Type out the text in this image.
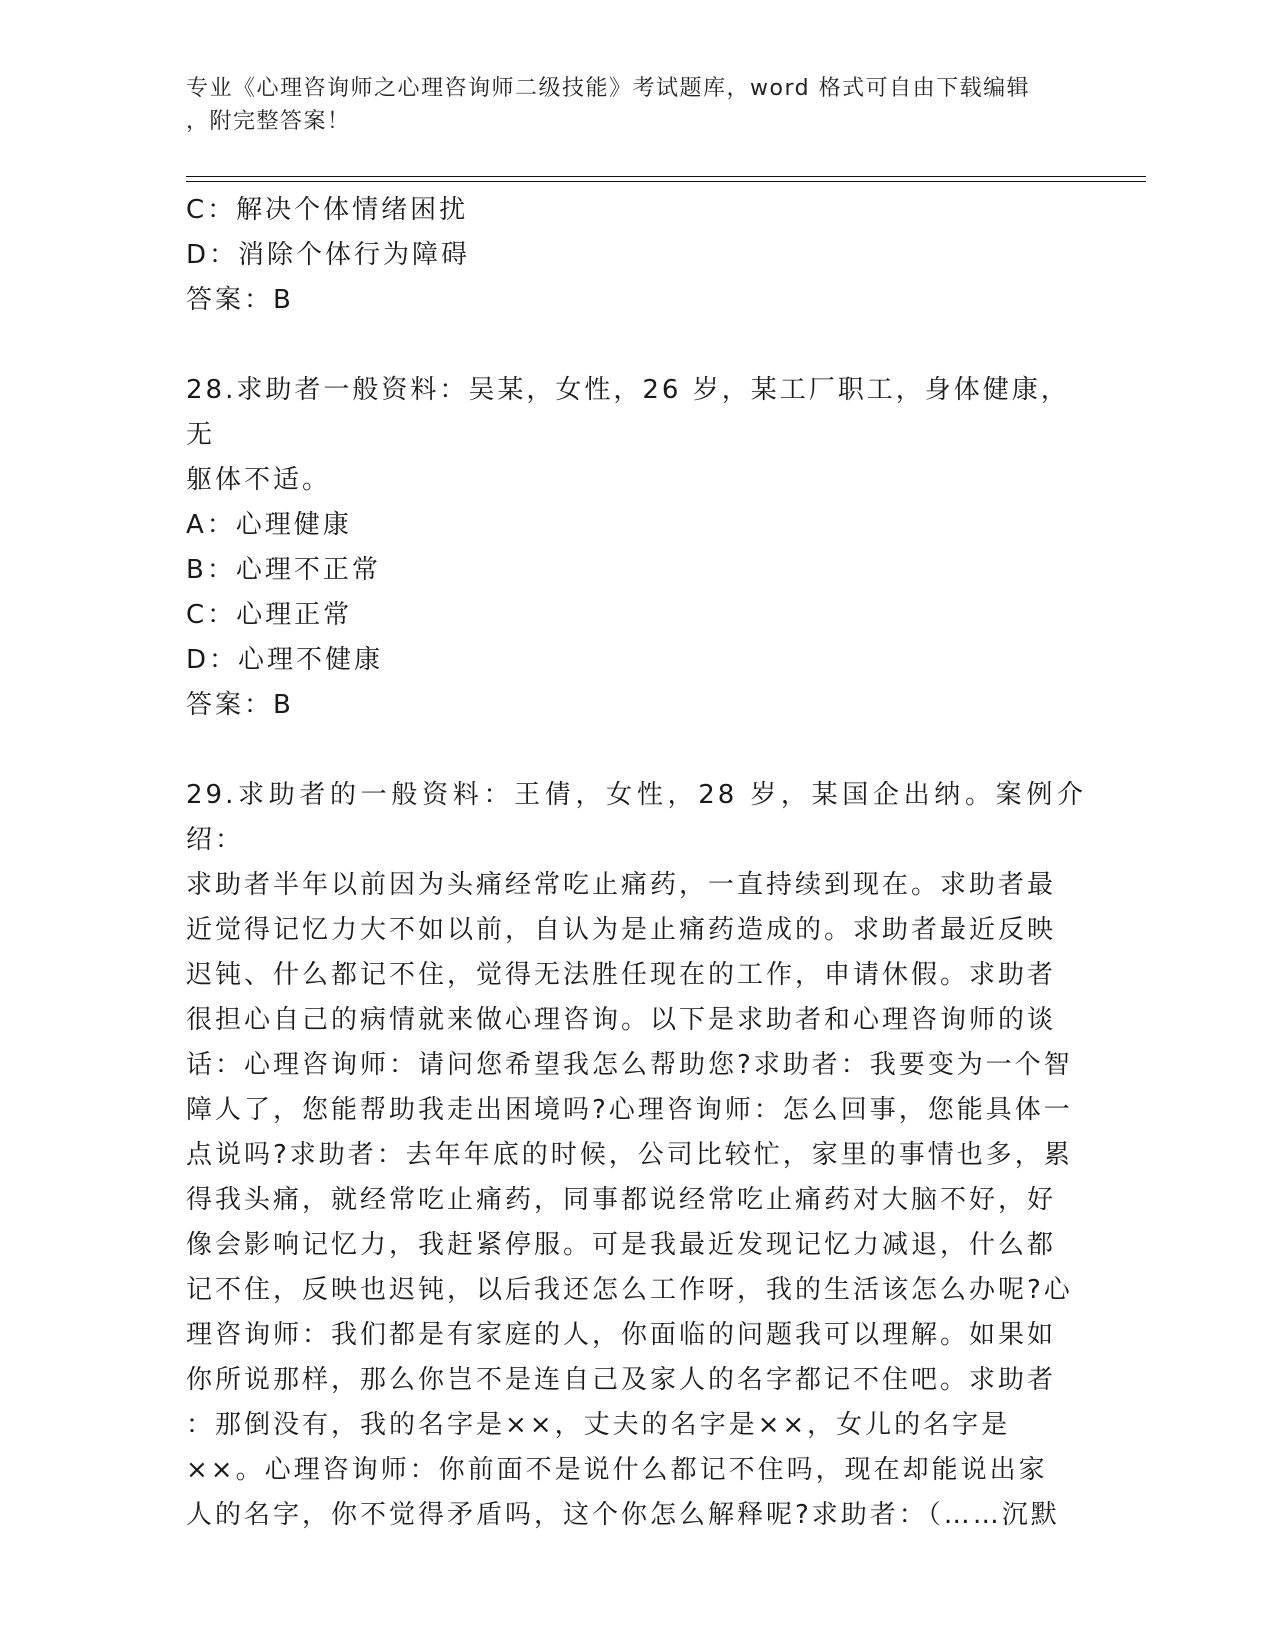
专业《心理咨询师之心理咨询师二级技能》考试题库，word 格式可自由下载编辑
，附完整答案！
C：解决个体情绪困扰
D：消除个体行为障碍
答案：B
28.求助者一般资料：吴某，女性，26 岁，某工厂职工，身体健康，无
躯体不适。
A：心理健康
B：心理不正常
C：心理正常
D：心理不健康
答案：B
29.求助者的一般资料：王倩，女性，28 岁，某国企出纳。案例介绍：
求助者半年以前因为头痛经常吃止痛药，一直持续到现在。求助者最
近觉得记忆力大不如以前，自认为是止痛药造成的。求助者最近反映
迟钝、什么都记不住，觉得无法胜任现在的工作，申请休假。求助者
很担心自己的病情就来做心理咨询。以下是求助者和心理咨询师的谈
话：心理咨询师：请问您希望我怎么帮助您?求助者：我要变为一个智
障人了，您能帮助我走出困境吗?心理咨询师：怎么回事，您能具体一
点说吗?求助者：去年年底的时候，公司比较忙，家里的事情也多，累
得我头痛，就经常吃止痛药，同事都说经常吃止痛药对大脑不好，好
像会影响记忆力，我赶紧停服。可是我最近发现记忆力减退，什么都
记不住，反映也迟钝，以后我还怎么工作呀，我的生活该怎么办呢?心
理咨询师：我们都是有家庭的人，你面临的问题我可以理解。如果如
你所说那样，那么你岂不是连自己及家人的名字都记不住吧。求助者
：那倒没有，我的名字是××，丈夫的名字是××，女儿的名字是
××。心理咨询师：你前面不是说什么都记不住吗，现在却能说出家
人的名字，你不觉得矛盾吗，这个你怎么解释呢?求助者：（……沉默
